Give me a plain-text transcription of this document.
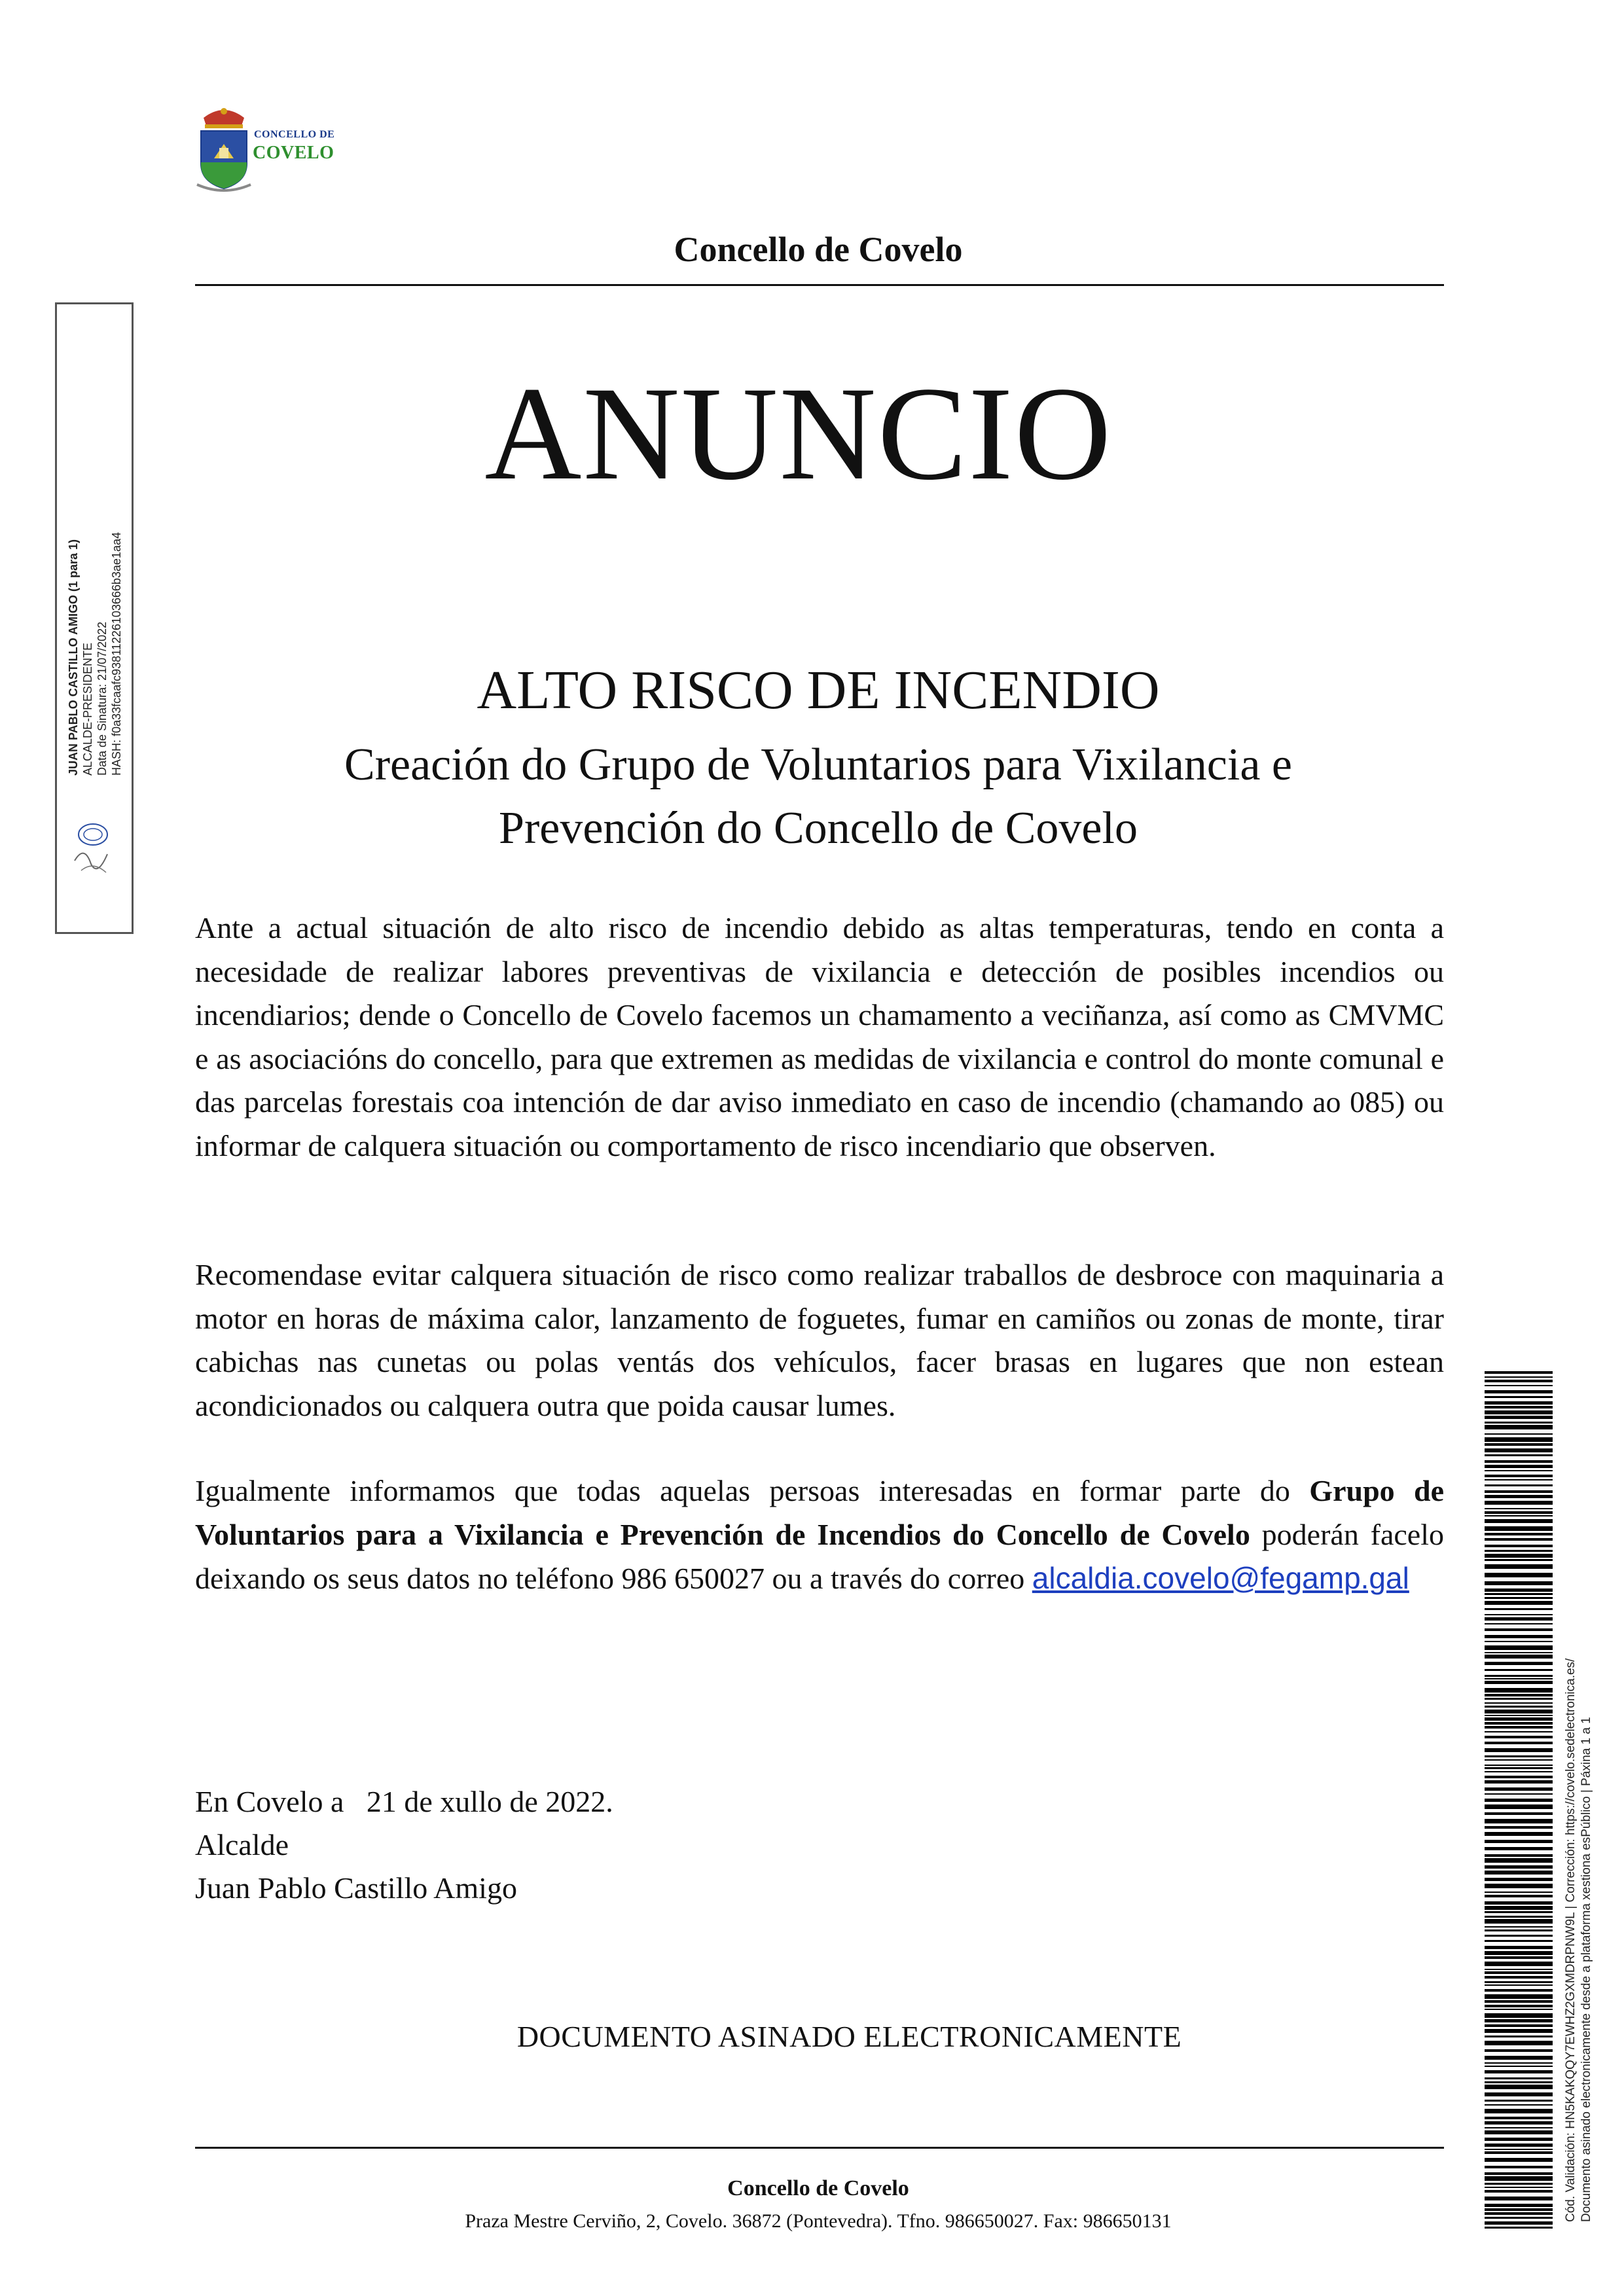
CONCELLO DE
COVELO
Concello de Covelo
ANUNCIO
ALTO RISCO DE INCENDIO
Creación do Grupo de Voluntarios para Vixilancia e
Prevención do Concello de Covelo
Ante a actual situación de alto risco de incendio debido as altas temperaturas, tendo en conta a necesidade de realizar labores preventivas de vixilancia e detección de posibles incendios ou incendiarios; dende o Concello de Covelo facemos un chamamento a veciñanza, así como as CMVMC e as asociacións do concello, para que extremen as medidas de vixilancia e control do monte comunal e das parcelas forestais coa intención de dar aviso inmediato en caso de incendio (chamando ao 085) ou informar de calquera situación ou comportamento de risco incendiario que observen.
Recomendase evitar calquera situación de risco como realizar traballos de desbroce con maquinaria a motor en horas de máxima calor, lanzamento de foguetes, fumar en camiños ou zonas de monte, tirar cabichas nas cunetas ou polas ventás dos vehículos, facer brasas en lugares que non estean acondicionados ou calquera outra que poida causar lumes.
Igualmente informamos que todas aquelas persoas interesadas en formar parte do Grupo de Voluntarios para a Vixilancia e Prevención de Incendios do Concello de Covelo poderán facelo deixando os seus datos no teléfono 986 650027 ou a través do correo alcaldia.covelo@fegamp.gal
En Covelo a   21 de xullo de 2022.
Alcalde
Juan Pablo Castillo Amigo
DOCUMENTO ASINADO ELECTRONICAMENTE
Concello de Covelo
Praza Mestre Cerviño, 2, Covelo. 36872 (Pontevedra). Tfno. 986650027. Fax: 986650131
JUAN PABLO CASTILLO AMIGO (1 para 1) ALCALDE-PRESIDENTE Data de Sinatura: 21/07/2022 HASH: f0a33fcaafc93811226103666b3ae1aa4
Cód. Validación: HN5KAKQQY7EWHZ2GXMDRPNW9L | Corrección: https://covelo.sedelectronica.es/ Documento asinado electronicamente desde a plataforma xestiona esPúblico | Páxina 1 a 1
